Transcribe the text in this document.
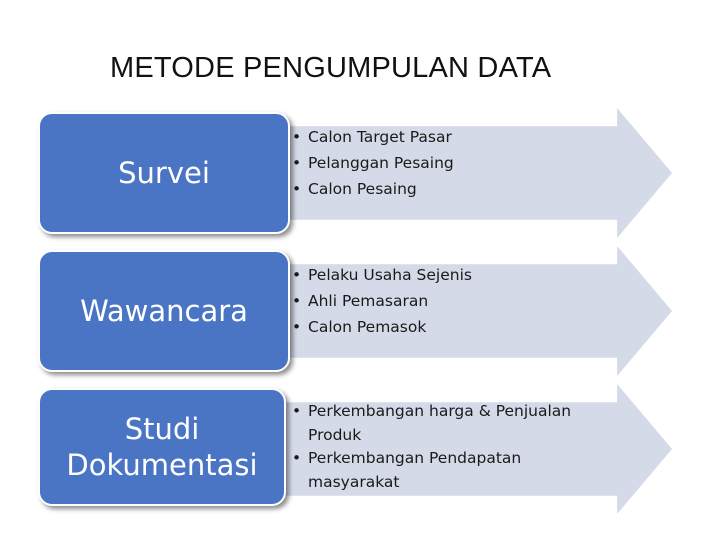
METODE PENGUMPULAN DATA
Survei
• Calon Target Pasar
• Pelanggan Pesaing
• Calon Pesaing
Wawancara
• Pelaku Usaha Sejenis
• Ahli Pemasaran
• Calon Pemasok
Studi Dokumentasi
• Perkembangan harga & Penjualan Produk
• Perkembangan Pendapatan masyarakat
